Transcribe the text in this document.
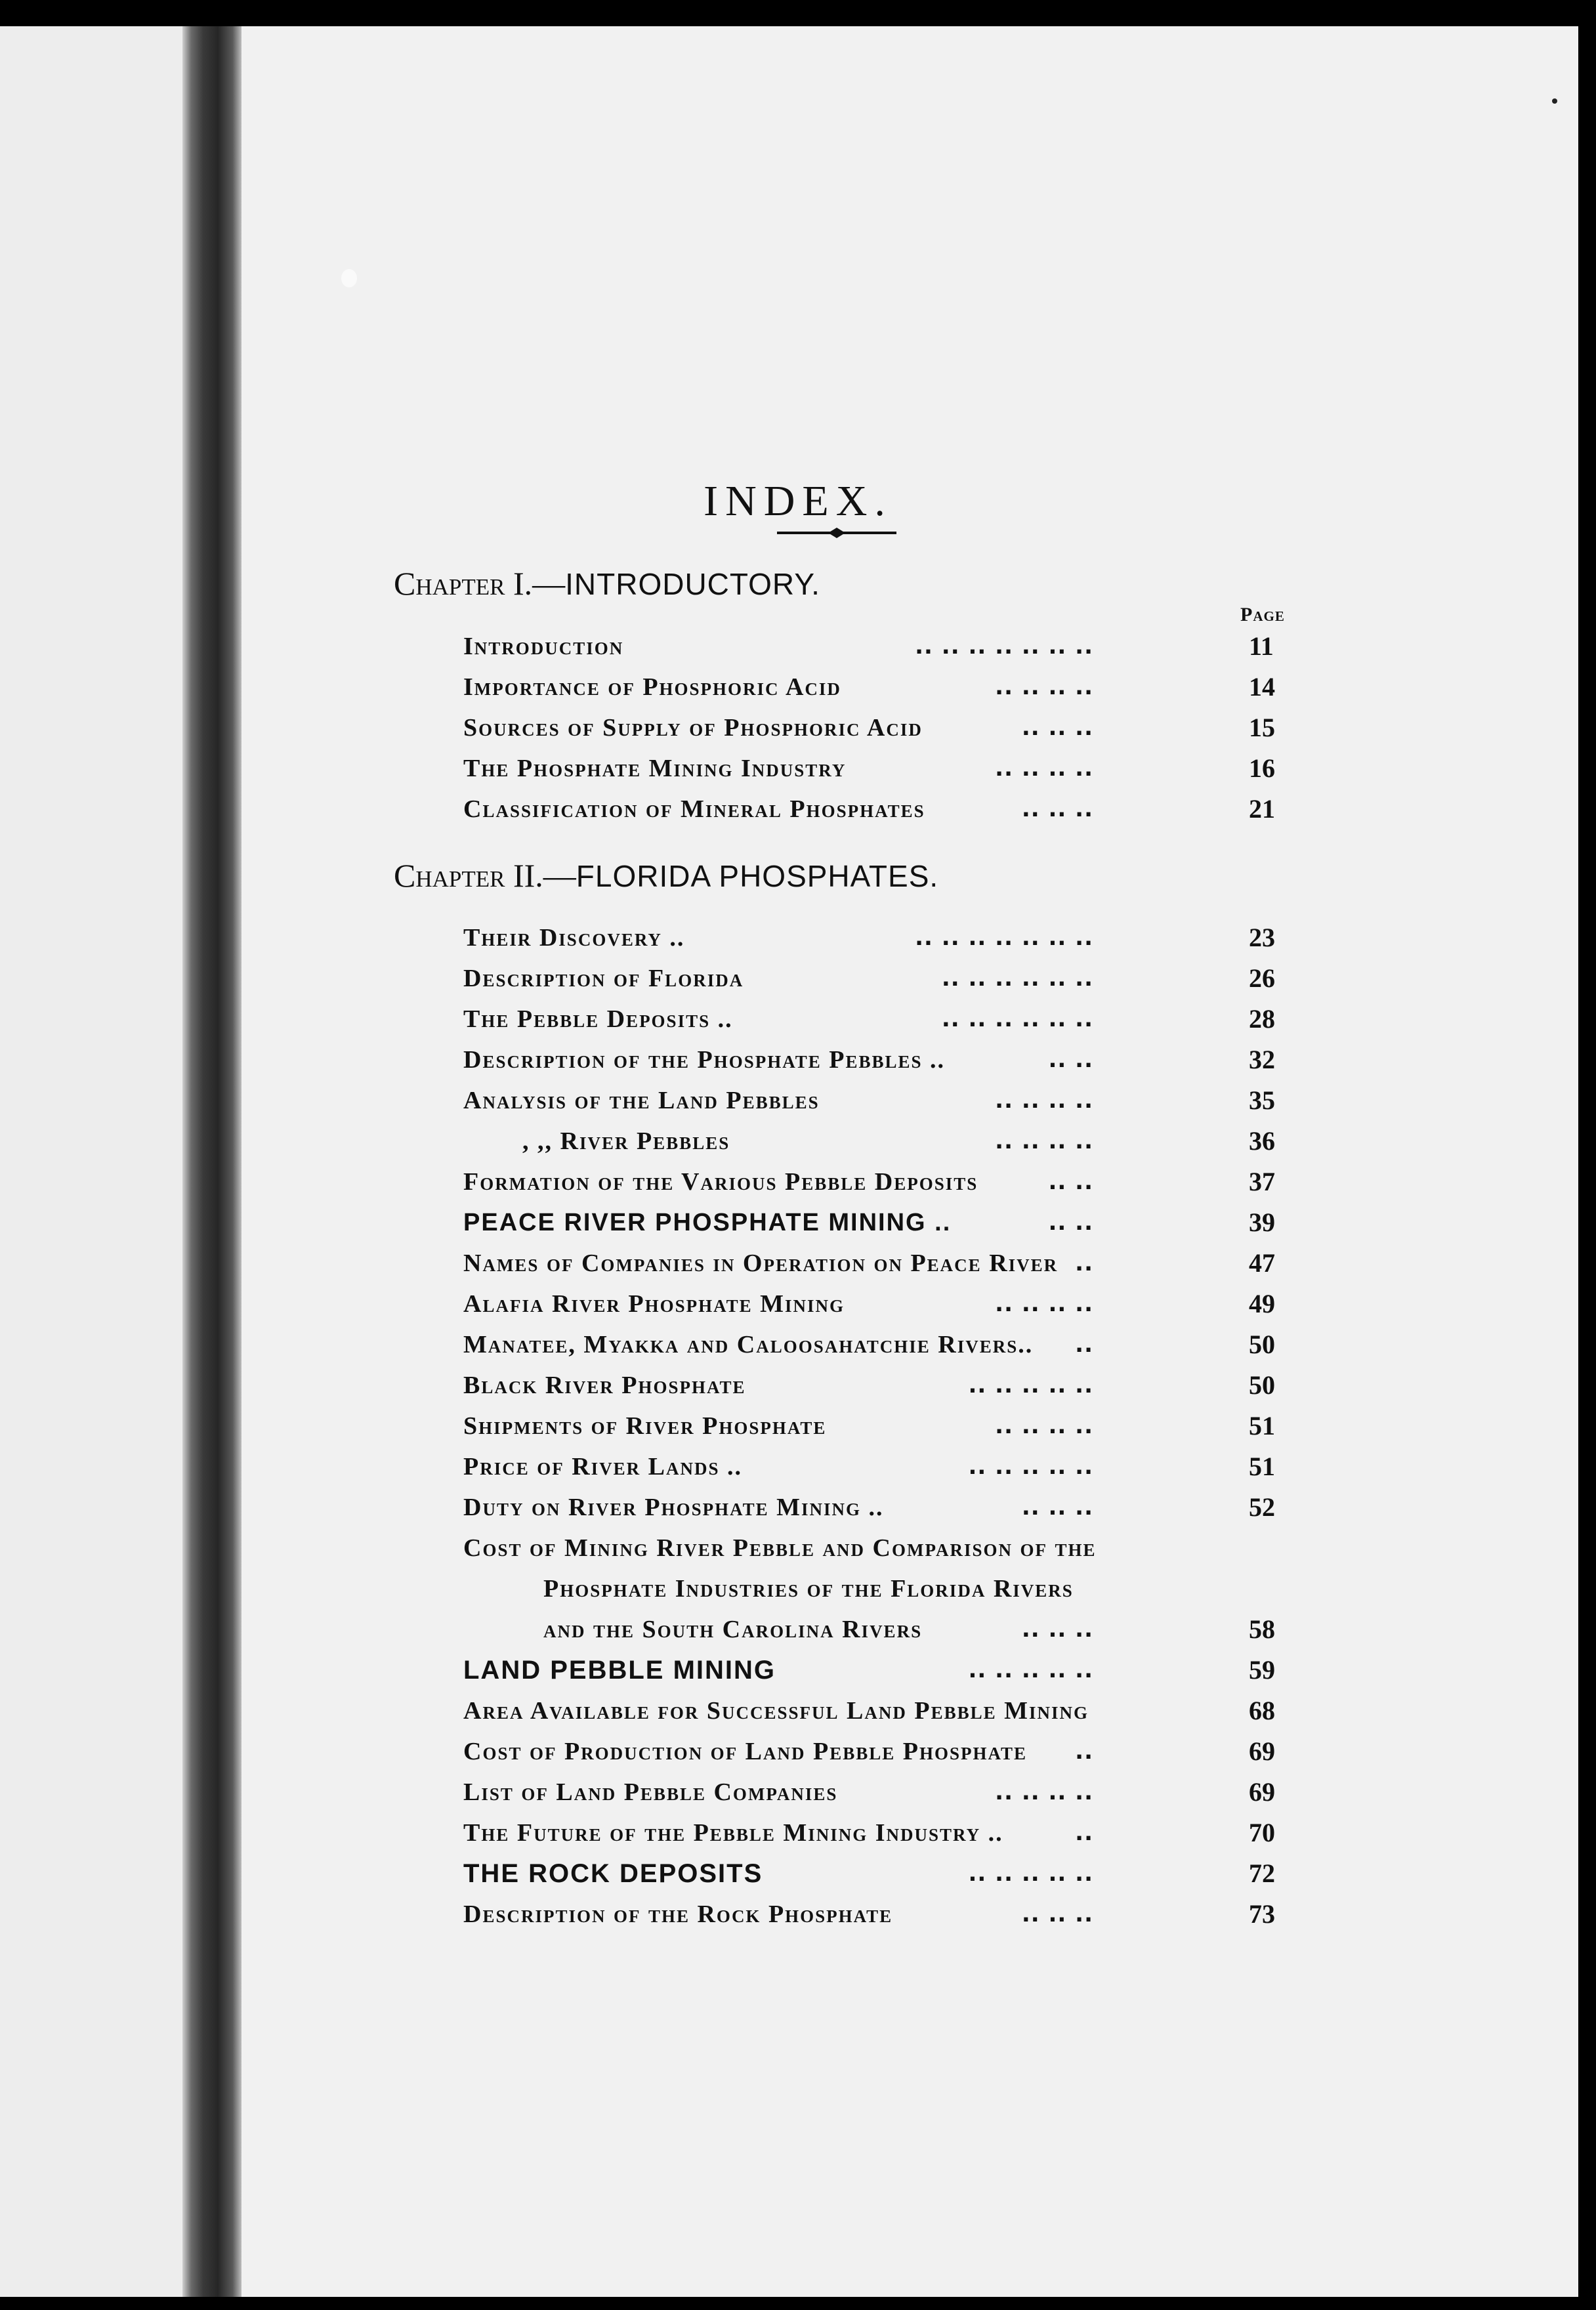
INDEX.
Chapter I.—INTRODUCTORY.
Page
Chapter II.—FLORIDA PHOSPHATES.
Introduction	.. .. .. .. .. .. ..	11
Importance of Phosphoric Acid	.. .. .. ..	14
Sources of Supply of Phosphoric Acid	.. .. ..	15
The Phosphate Mining Industry	.. .. .. ..	16
Classification of Mineral Phosphates	.. .. ..	21
Their Discovery ..	.. .. .. .. .. .. ..	23
Description of Florida	.. .. .. .. .. ..	26
The Pebble Deposits ..	.. .. .. .. .. ..	28
Description of the Phosphate Pebbles ..	.. ..	32
Analysis of the Land Pebbles	.. .. .. ..	35
, ,, River Pebbles	.. .. .. ..	36
Formation of the Various Pebble Deposits	.. ..	37
PEACE RIVER PHOSPHATE MINING ..	.. ..	39
Names of Companies in Operation on Peace River ..	47
Alafia River Phosphate Mining	.. .. .. ..	49
Manatee, Myakka and Caloosahatchie Rivers.. ..	50
Black River Phosphate	.. .. .. .. ..	50
Shipments of River Phosphate	.. .. .. ..	51
Price of River Lands ..	.. .. .. .. ..	51
Duty on River Phosphate Mining ..	.. .. ..	52
Cost of Mining River Pebble and Comparison of the
Phosphate Industries of the Florida Rivers
and the South Carolina Rivers	.. .. ..	58
LAND PEBBLE MINING	.. .. .. .. ..	59
Area Available for Successful Land Pebble Mining	68
Cost of Production of Land Pebble Phosphate ..	69
List of Land Pebble Companies	.. .. .. ..	69
The Future of the Pebble Mining Industry ..	..	70
THE ROCK DEPOSITS	.. .. .. .. ..	72
Description of the Rock Phosphate	.. .. ..	73
